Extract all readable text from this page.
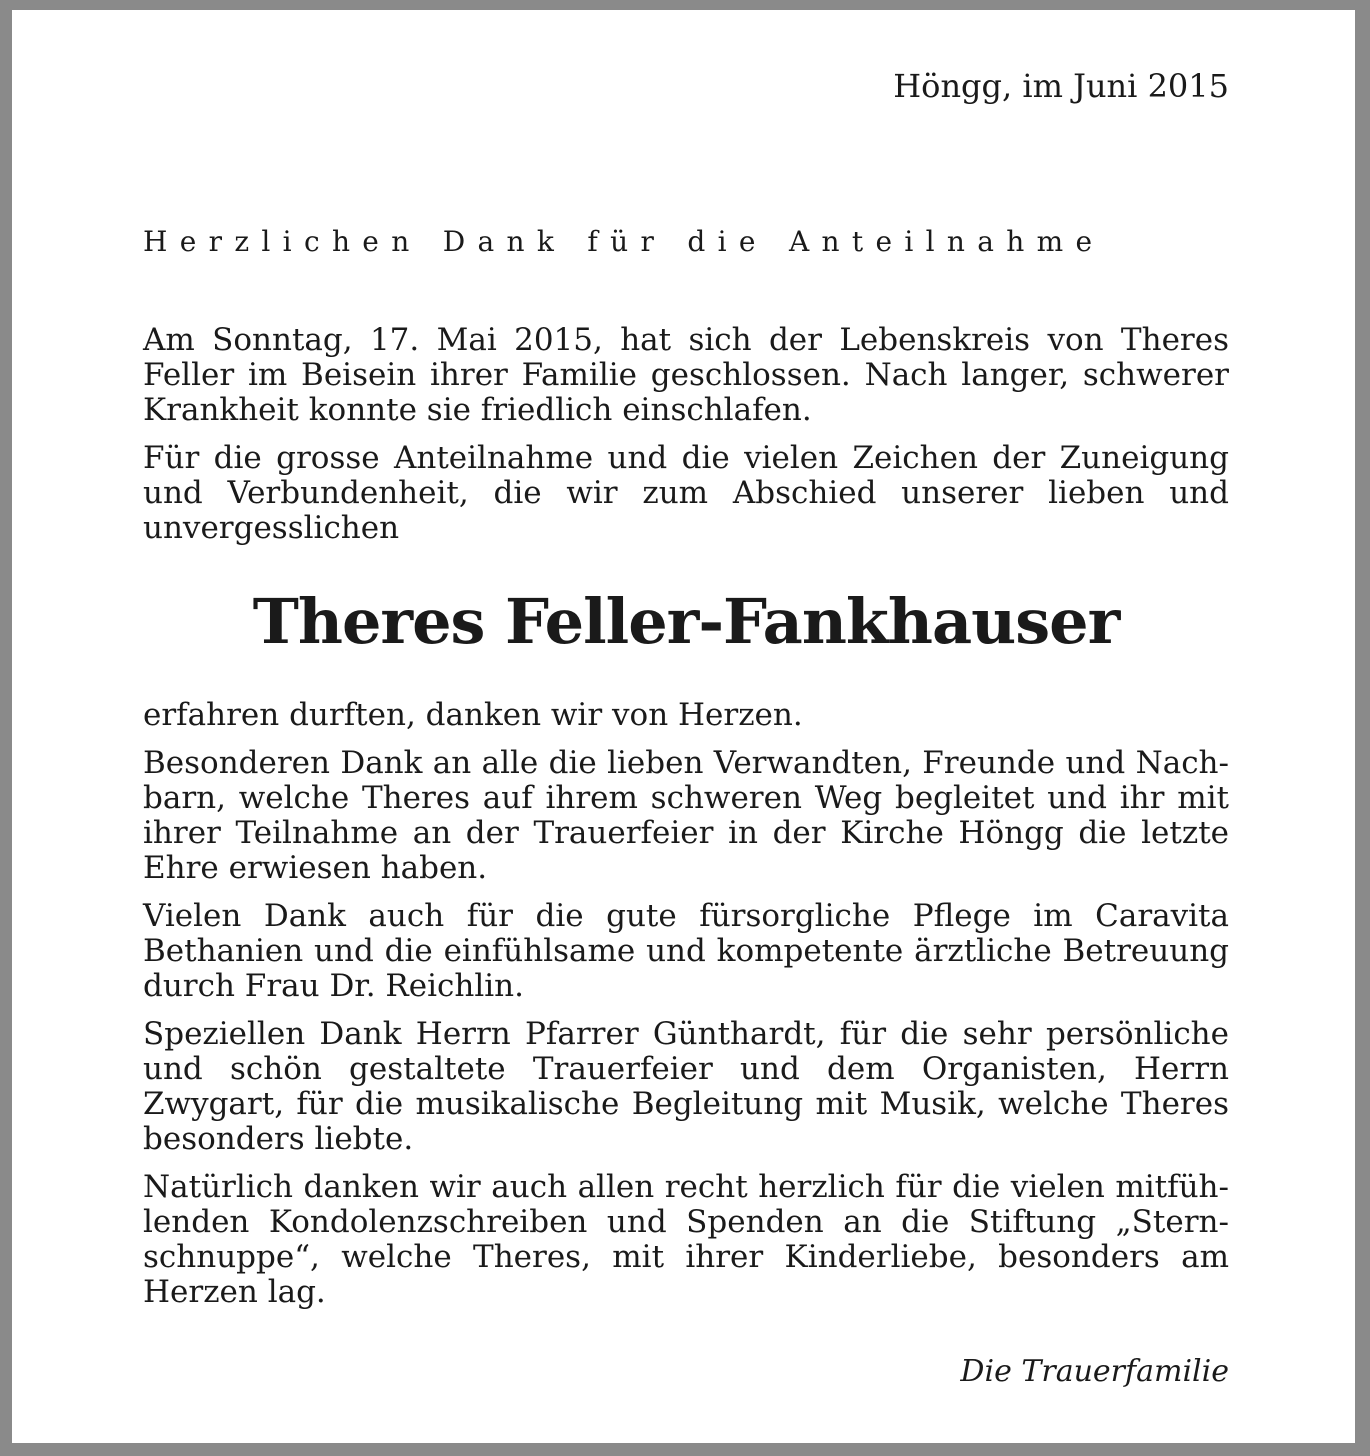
Höngg, im Juni 2015
Herzlichen Dank für die Anteilnahme

Am Sonntag, 17. Mai 2015, hat sich der Lebenskreis von Theres Feller im Beisein ihrer Familie geschlossen. Nach langer, schwerer Krankheit konnte sie friedlich einschlafen.

Für die grosse Anteilnahme und die vielen Zeichen der Zuneigung und Verbundenheit, die wir zum Abschied unserer lieben und unvergesslichen

Theres Feller-Fankhauser

erfahren durften, danken wir von Herzen.

Besonderen Dank an alle die lieben Verwandten, Freunde und Nachbarn, welche Theres auf ihrem schweren Weg begleitet und ihr mit ihrer Teilnahme an der Trauerfeier in der Kirche Höngg die letzte Ehre erwiesen haben.

Vielen Dank auch für die gute fürsorgliche Pflege im Caravita Bethanien und die einfühlsame und kompetente ärztliche Betreuung durch Frau Dr. Reichlin.

Speziellen Dank Herrn Pfarrer Günthardt, für die sehr persönliche und schön gestaltete Trauerfeier und dem Organisten, Herrn Zwygart, für die musikalische Begleitung mit Musik, welche Theres besonders liebte.

Natürlich danken wir auch allen recht herzlich für die vielen mitfühlenden Kondolenzschreiben und Spenden an die Stiftung „Sternschnuppe“, welche Theres, mit ihrer Kinderliebe, besonders am Herzen lag.

Die Trauerfamilie
